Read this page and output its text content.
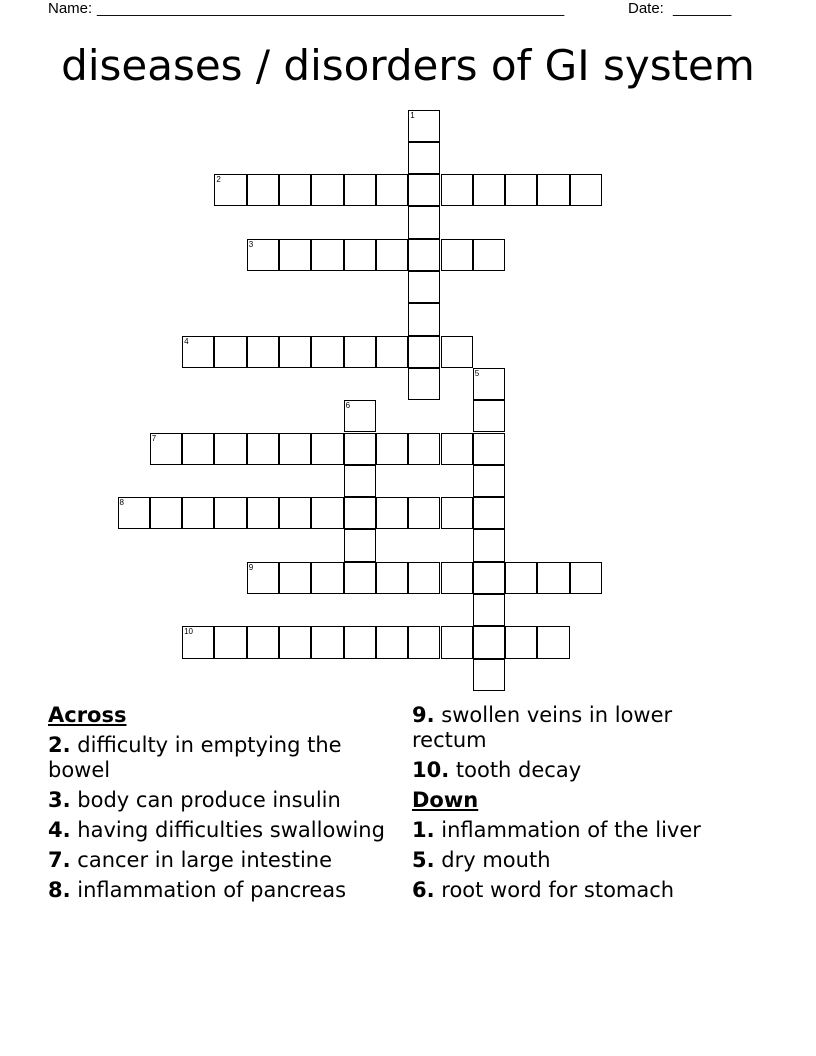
Name: ________________________________________________________	Date: _______
diseases / disorders of GI system
1
2
3
4
5
6
7
8
9
10
Across
2. difficulty in emptying the bowel
3. body can produce insulin
4. having difficulties swallowing
7. cancer in large intestine
8. inflammation of pancreas
9. swollen veins in lower rectum
10. tooth decay
Down
1. inflammation of the liver
5. dry mouth
6. root word for stomach
